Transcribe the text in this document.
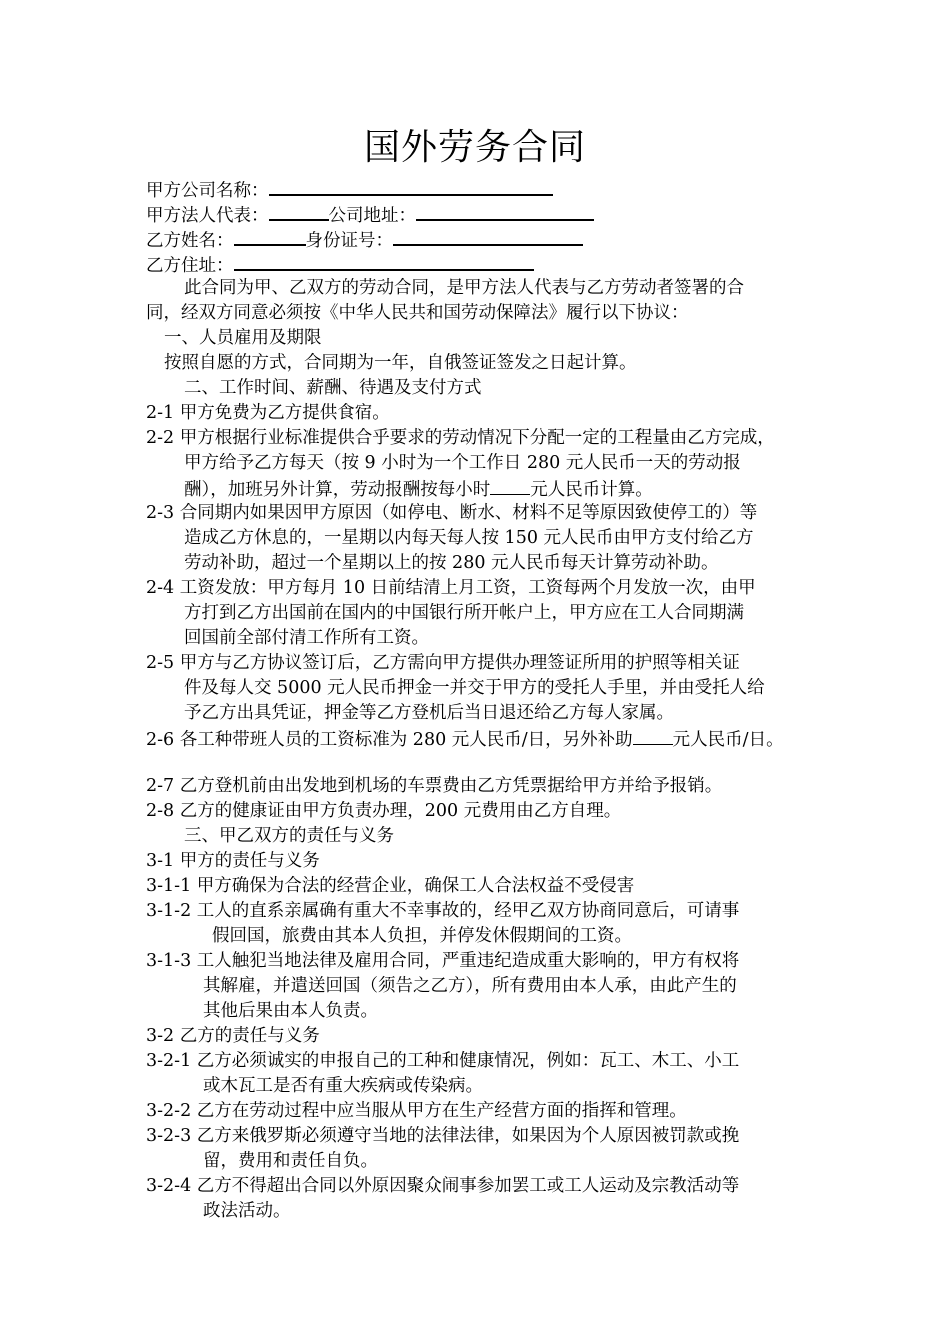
国外劳务合同
甲方公司名称：
甲方法人代表：	公司地址：
乙方姓名：	身份证号：
乙方住址：
此合同为甲、乙双方的劳动合同，是甲方法人代表与乙方劳动者签署的合
同，经双方同意必须按《中华人民共和国劳动保障法》履行以下协议：
一、人员雇用及期限
按照自愿的方式，合同期为一年，自俄签证签发之日起计算。
二、工作时间、薪酬、待遇及支付方式
2-1 甲方免费为乙方提供食宿。
2-2 甲方根据行业标准提供合乎要求的劳动情况下分配一定的工程量由乙方完成，
甲方给予乙方每天（按 9 小时为一个工作日 280 元人民币一天的劳动报
酬），加班另外计算，劳动报酬按每小时 元人民币计算。
2-3 合同期内如果因甲方原因（如停电、断水、材料不足等原因致使停工的）等
造成乙方休息的，一星期以内每天每人按 150 元人民币由甲方支付给乙方
劳动补助，超过一个星期以上的按 280 元人民币每天计算劳动补助。
2-4 工资发放：甲方每月 10 日前结清上月工资，工资每两个月发放一次，由甲
方打到乙方出国前在国内的中国银行所开帐户上，甲方应在工人合同期满
回国前全部付清工作所有工资。
2-5 甲方与乙方协议签订后，乙方需向甲方提供办理签证所用的护照等相关证
件及每人交 5000 元人民币押金一并交于甲方的受托人手里，并由受托人给
予乙方出具凭证，押金等乙方登机后当日退还给乙方每人家属。
2-6 各工种带班人员的工资标准为 280 元人民币/日，另外补助 元人民币/日。
2-7 乙方登机前由出发地到机场的车票费由乙方凭票据给甲方并给予报销。
2-8 乙方的健康证由甲方负责办理，200 元费用由乙方自理。
三、甲乙双方的责任与义务
3-1 甲方的责任与义务
3-1-1 甲方确保为合法的经营企业，确保工人合法权益不受侵害
3-1-2 工人的直系亲属确有重大不幸事故的，经甲乙双方协商同意后，可请事
假回国，旅费由其本人负担，并停发休假期间的工资。
3-1-3 工人触犯当地法律及雇用合同，严重违纪造成重大影响的，甲方有权将
其解雇，并遣送回国（须告之乙方），所有费用由本人承，由此产生的
其他后果由本人负责。
3-2 乙方的责任与义务
3-2-1 乙方必须诚实的申报自己的工种和健康情况，例如：瓦工、木工、小工
或木瓦工是否有重大疾病或传染病。
3-2-2 乙方在劳动过程中应当服从甲方在生产经营方面的指挥和管理。
3-2-3 乙方来俄罗斯必须遵守当地的法律法律，如果因为个人原因被罚款或挽
留，费用和责任自负。
3-2-4 乙方不得超出合同以外原因聚众闹事参加罢工或工人运动及宗教活动等
政法活动。
